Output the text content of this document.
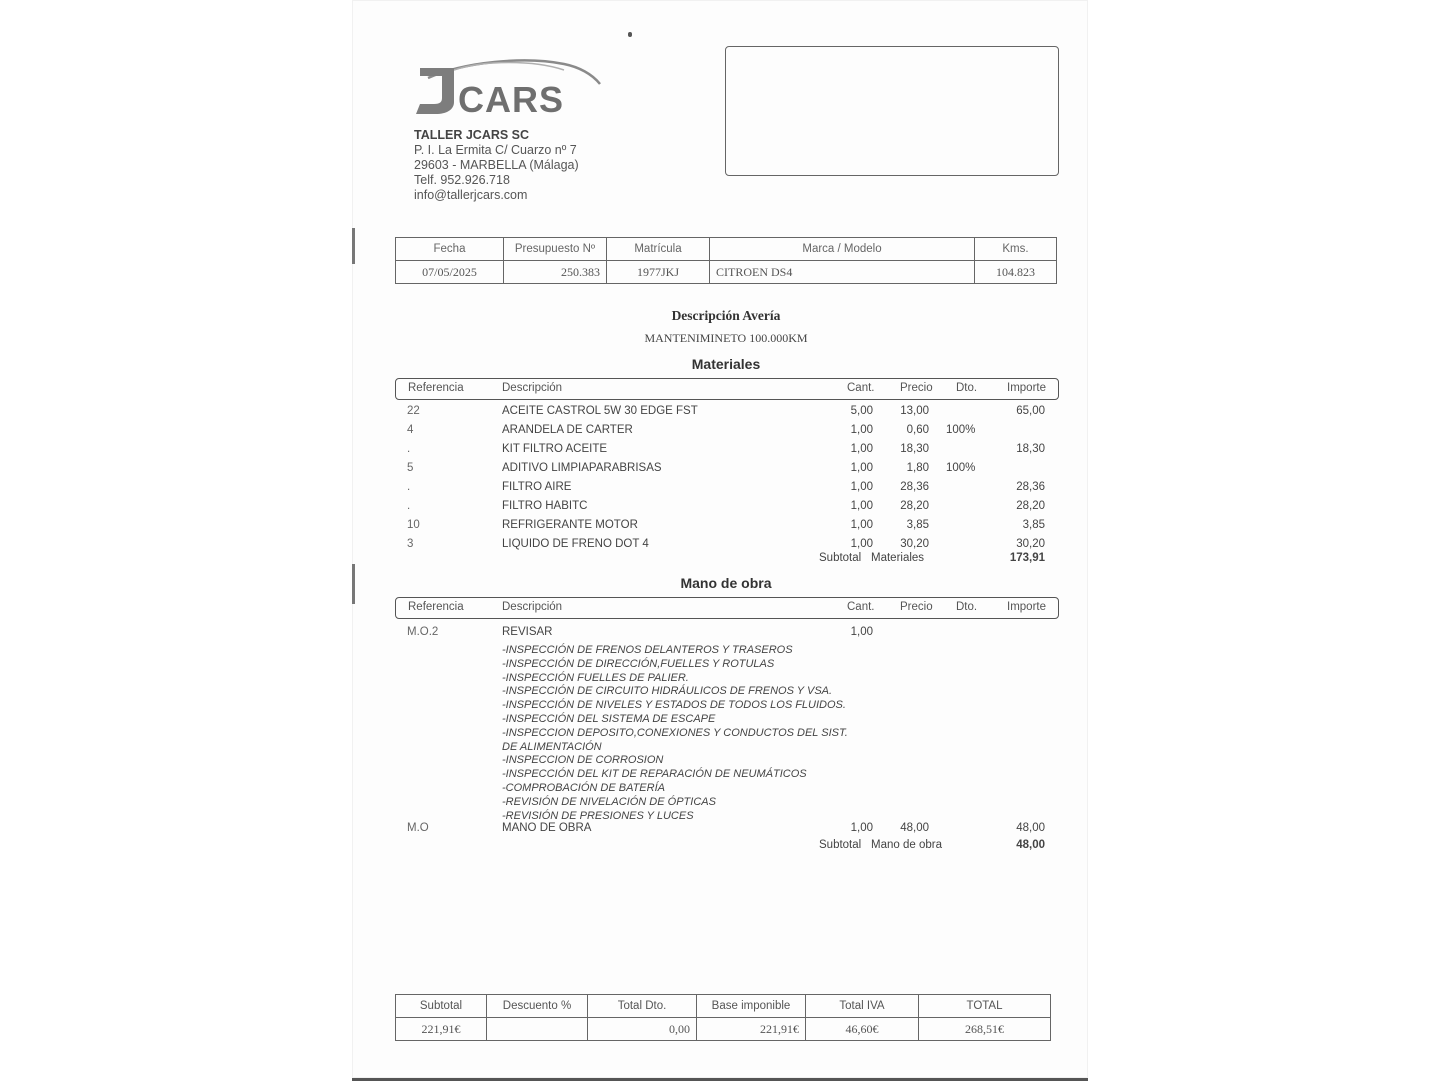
CARS
TALLER JCARS SC
P. I. La Ermita C/ Cuarzo nº 7
29603 - MARBELLA (Málaga)
Telf. 952.926.718
info@tallerjcars.com
Fecha	Presupuesto Nº	Matrícula	Marca / Modelo	Kms.
07/05/2025	250.383	1977JKJ	CITROEN DS4	104.823
Descripción Avería
MANTENIMINETO 100.000KM
Materiales
Referencia	Descripción	Cant. Precio Dto.	Importe
22	ACEITE CASTROL 5W 30 EDGE FST	5,00 13,00	65,00
4	ARANDELA DE CARTER	1,00	0,60 100%
.	KIT FILTRO ACEITE	1,00 18,30	18,30
5	ADITIVO LIMPIAPARABRISAS	1,00	1,80 100%
.	FILTRO AIRE	1,00 28,36	28,36
.	FILTRO HABITC	1,00 28,20	28,20
10	REFRIGERANTE MOTOR	1,00	3,85	3,85
3	LIQUIDO DE FRENO DOT 4	1,00 30,20	30,20
Subtotal Materiales	173,91
Mano de obra
Referencia	Descripción	Cant. Precio Dto.	Importe
M.O.2	REVISAR	1,00
-INSPECCIÓN DE FRENOS DELANTEROS Y TRASEROS
-INSPECCIÓN DE DIRECCIÓN,FUELLES Y ROTULAS
-INSPECCIÓN FUELLES DE PALIER.
-INSPECCIÓN DE CIRCUITO HIDRÁULICOS DE FRENOS Y VSA.
-INSPECCIÓN DE NIVELES Y ESTADOS DE TODOS LOS FLUIDOS.
-INSPECCIÓN DEL SISTEMA DE ESCAPE
-INSPECCION DEPOSITO,CONEXIONES Y CONDUCTOS DEL SIST.
DE ALIMENTACIÓN
-INSPECCION DE CORROSION
-INSPECCIÓN DEL KIT DE REPARACIÓN DE NEUMÁTICOS
-COMPROBACIÓN DE BATERÍA
-REVISIÓN DE NIVELACIÓN DE ÓPTICAS
-REVISIÓN DE PRESIONES Y LUCES
M.O	MANO DE OBRA	1,00 48,00	48,00
Subtotal Mano de obra	48,00
Subtotal	Descuento %	Total Dto.	Base imponible	Total IVA	TOTAL
221,91€		0,00	221,91€	46,60€	268,51€
